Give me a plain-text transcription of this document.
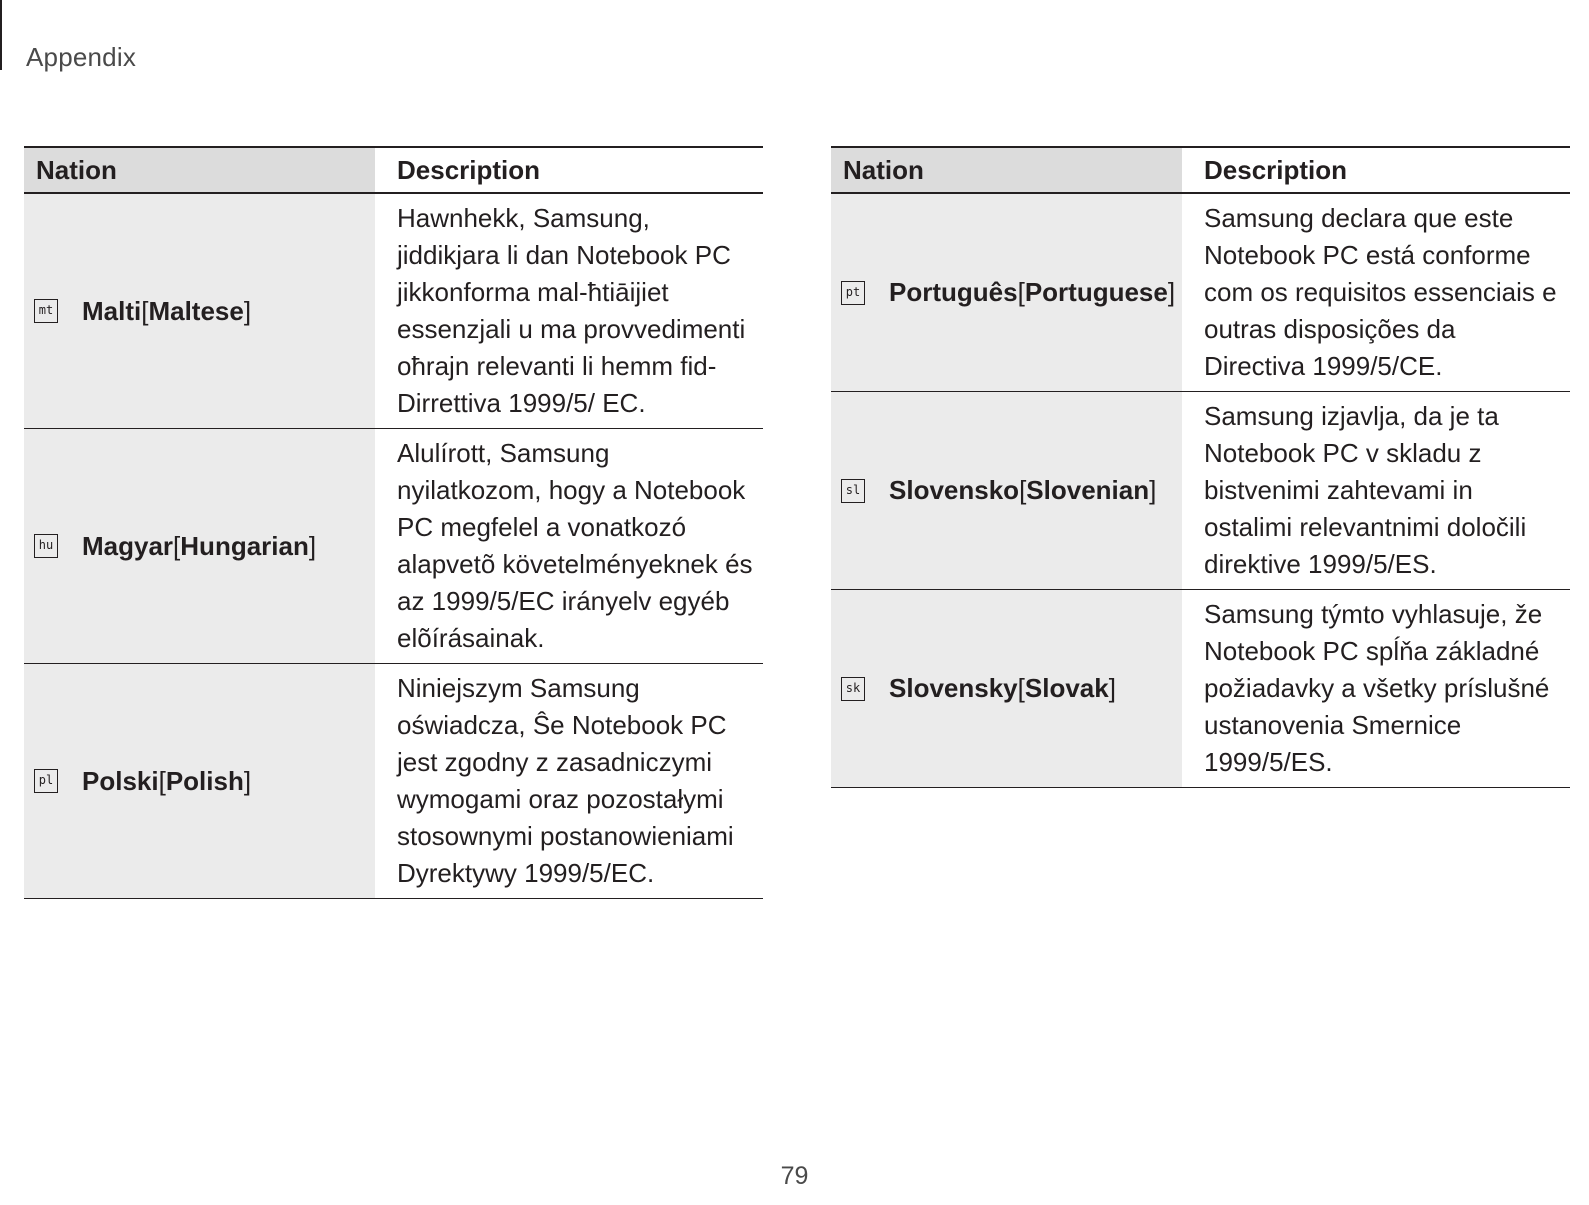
Appendix
Nation	Description

mt Malti[Maltese]	Hawnhekk, Samsung, jiddikjara li dan Notebook PC jikkonforma mal-ħtiāijiet essenzjali u ma provvedimenti oħrajn relevanti li hemm fid-Dirrettiva 1999/5/ EC.

hu Magyar[Hungarian]	Alulírott, Samsung nyilatkozom, hogy a Notebook PC megfelel a vonatkozó alapvetõ követelményeknek és az 1999/5/EC irányelv egyéb elõírásainak.

pl Polski[Polish]	Niniejszym Samsung oświadcza, Ŝe Notebook PC jest zgodny z zasadniczymi wymogami oraz pozostałymi stosownymi postanowieniami Dyrektywy 1999/5/EC.
Nation	Description

pt Português[Portuguese]	Samsung declara que este Notebook PC está conforme com os requisitos essenciais e outras disposições da Directiva 1999/5/CE.

sl Slovensko[Slovenian]	Samsung izjavlja, da je ta Notebook PC v skladu z bistvenimi zahtevami in ostalimi relevantnimi določili direktive 1999/5/ES.

sk Slovensky[Slovak]	Samsung týmto vyhlasuje, že Notebook PC spĺňa základné požiadavky a všetky príslušné ustanovenia Smernice 1999/5/ES.
79
